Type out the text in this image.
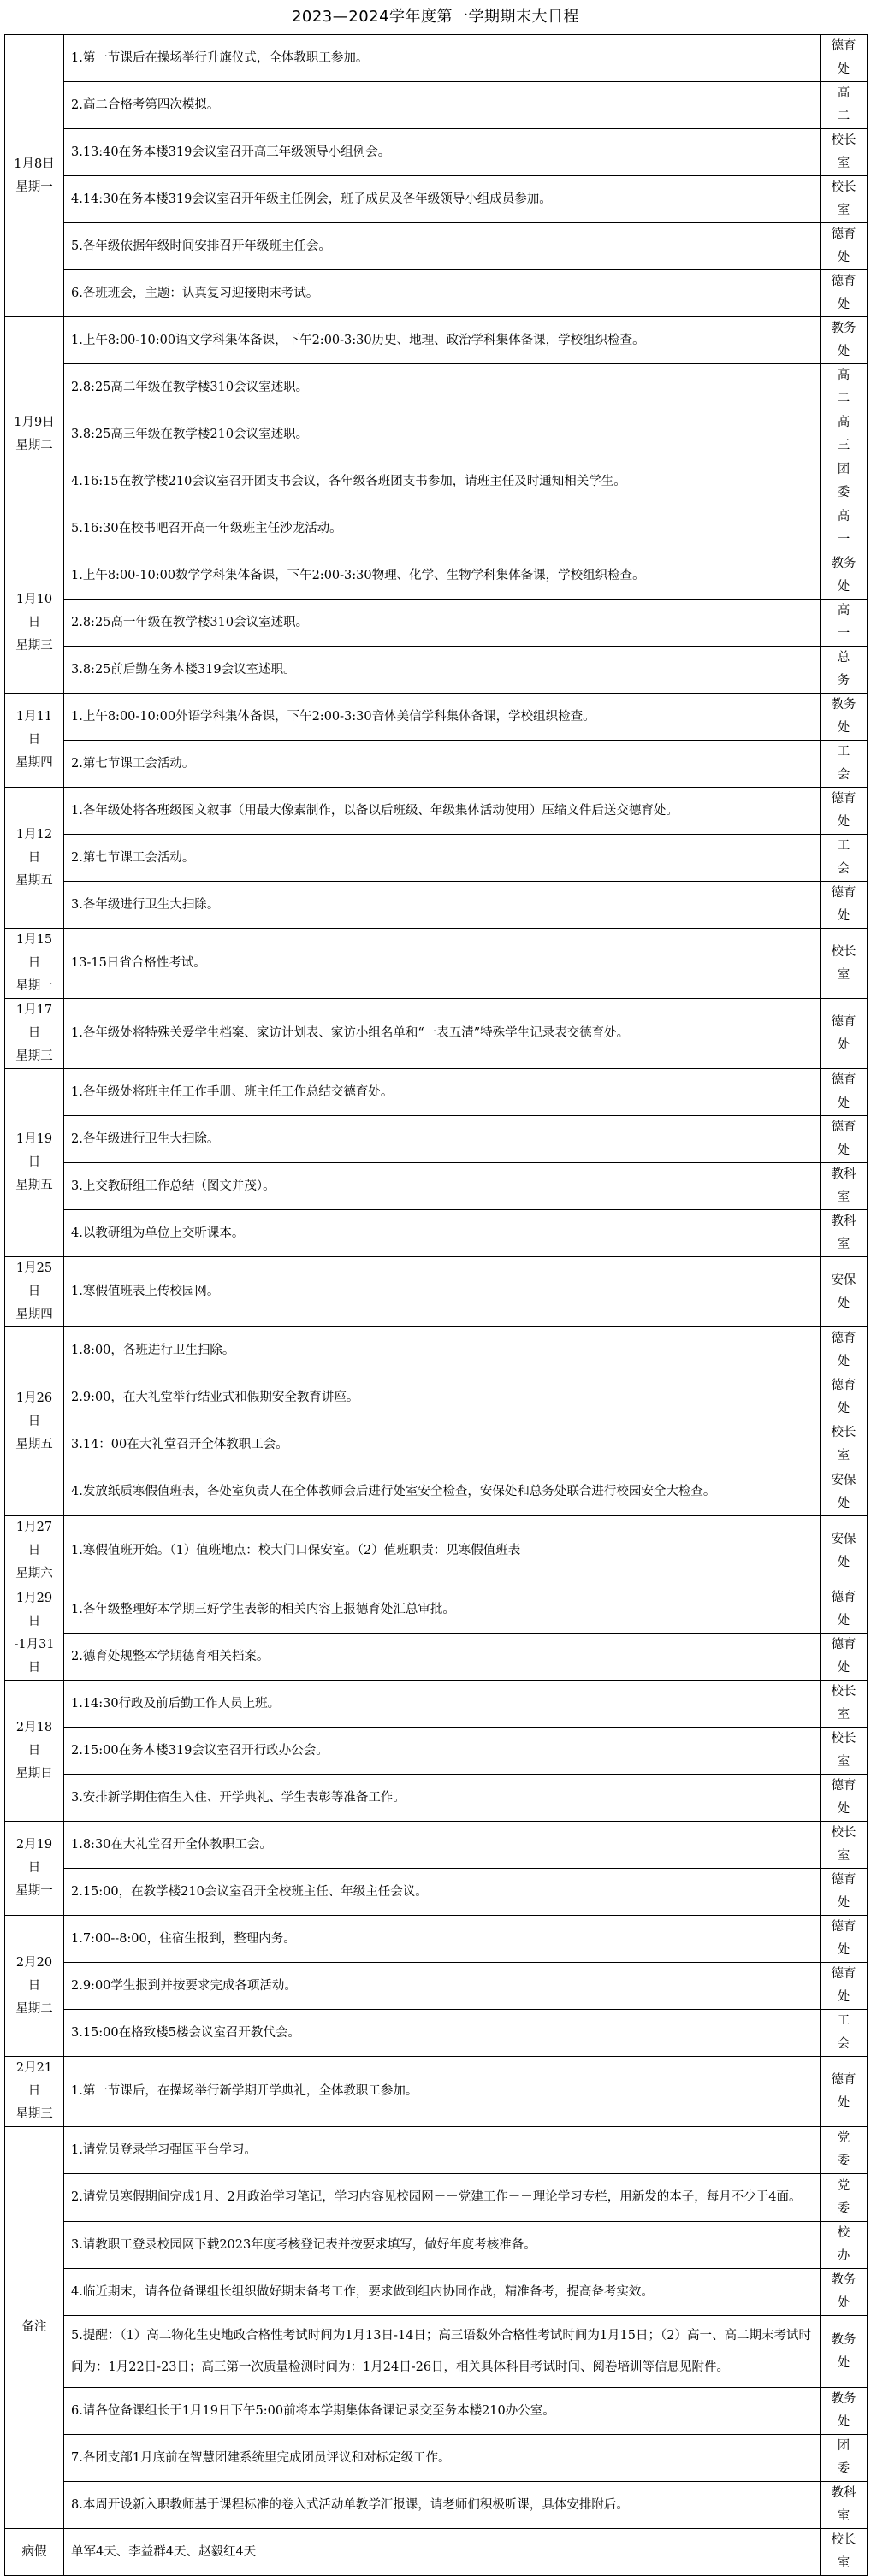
2023—2024学年度第一学期期末大日程
1月8日
星期一	1.第一节课后在操场举行升旗仪式，全体教职工参加。	德育处
	2.高二合格考第四次模拟。	高　二
	3.13:40在务本楼319会议室召开高三年级领导小组例会。	校长室
	4.14:30在务本楼319会议室召开年级主任例会，班子成员及各年级领导小组成员参加。	校长室
	5.各年级依据年级时间安排召开年级班主任会。	德育处
	6.各班班会，主题：认真复习迎接期末考试。	德育处

1月9日
星期二	1.上午8:00-10:00语文学科集体备课，下午2:00-3:30历史、地理、政治学科集体备课，学校组织检查。	教务处
	2.8:25高二年级在教学楼310会议室述职。	高　二
	3.8:25高三年级在教学楼210会议室述职。	高　三
	4.16:15在教学楼210会议室召开团支书会议，各年级各班团支书参加，请班主任及时通知相关学生。	团　委
	5.16:30在校书吧召开高一年级班主任沙龙活动。	高　一

1月10日
星期三	1.上午8:00-10:00数学学科集体备课，下午2:00-3:30物理、化学、生物学科集体备课，学校组织检查。	教务处
	2.8:25高一年级在教学楼310会议室述职。	高　一
	3.8:25前后勤在务本楼319会议室述职。	总　务

1月11日
星期四	1.上午8:00-10:00外语学科集体备课，下午2:00-3:30音体美信学科集体备课，学校组织检查。	教务处
	2.第七节课工会活动。	工　会

1月12日
星期五	1.各年级处将各班级图文叙事（用最大像素制作，以备以后班级、年级集体活动使用）压缩文件后送交德育处。	德育处
	2.第七节课工会活动。	工　会
	3.各年级进行卫生大扫除。	德育处

1月15日
星期一	13-15日省合格性考试。	校长室

1月17日
星期三	1.各年级处将特殊关爱学生档案、家访计划表、家访小组名单和“一表五清”特殊学生记录表交德育处。	德育处

1月19日
星期五	1.各年级处将班主任工作手册、班主任工作总结交德育处。	德育处
	2.各年级进行卫生大扫除。	德育处
	3.上交教研组工作总结（图文并茂）。	教科室
	4.以教研组为单位上交听课本。	教科室

1月25日
星期四	1.寒假值班表上传校园网。	安保处

1月26日
星期五	1.8:00，各班进行卫生扫除。	德育处
	2.9:00，在大礼堂举行结业式和假期安全教育讲座。	德育处
	3.14：00在大礼堂召开全体教职工会。	校长室
	4.发放纸质寒假值班表，各处室负责人在全体教师会后进行处室安全检查，安保处和总务处联合进行校园安全大检查。	安保处

1月27日
星期六	1.寒假值班开始。（1）值班地点：校大门口保安室。（2）值班职责：见寒假值班表	安保处

1月29日
-1月31日	1.各年级整理好本学期三好学生表彰的相关内容上报德育处汇总审批。	德育处
	2.德育处规整本学期德育相关档案。	德育处

2月18日
星期日	1.14:30行政及前后勤工作人员上班。	校长室
	2.15:00在务本楼319会议室召开行政办公会。	校长室
	3.安排新学期住宿生入住、开学典礼、学生表彰等准备工作。	德育处

2月19日
星期一	1.8:30在大礼堂召开全体教职工会。	校长室
	2.15:00，在教学楼210会议室召开全校班主任、年级主任会议。	德育处

2月20日
星期二	1.7:00--8:00，住宿生报到，整理内务。	德育处
	2.9:00学生报到并按要求完成各项活动。	德育处
	3.15:00在格致楼5楼会议室召开教代会。	工　会

2月21日
星期三	1.第一节课后，在操场举行新学期开学典礼，全体教职工参加。	德育处

备注	1.请党员登录学习强国平台学习。	党　委
	2.请党员寒假期间完成1月、2月政治学习笔记，学习内容见校园网－－党建工作－－理论学习专栏，用新发的本子，每月不少于4面。	党　委
	3.请教职工登录校园网下载2023年度考核登记表并按要求填写，做好年度考核准备。	校　办
	4.临近期末，请各位备课组长组织做好期末备考工作，要求做到组内协同作战，精准备考，提高备考实效。	教务处
	5.提醒：（1）高二物化生史地政合格性考试时间为1月13日-14日；高三语数外合格性考试时间为1月15日；（2）高一、高二期末考试时间为：1月22日-23日；高三第一次质量检测时间为：1月24日-26日，相关具体科目考试时间、阅卷培训等信息见附件。	教务处
	6.请各位备课组长于1月19日下午5:00前将本学期集体备课记录交至务本楼210办公室。	教务处
	7.各团支部1月底前在智慧团建系统里完成团员评议和对标定级工作。	团　委
	8.本周开设新入职教师基于课程标准的卷入式活动单教学汇报课，请老师们积极听课，具体安排附后。	教科室

病假	单军4天、李益群4天、赵毅红4天	校长室
